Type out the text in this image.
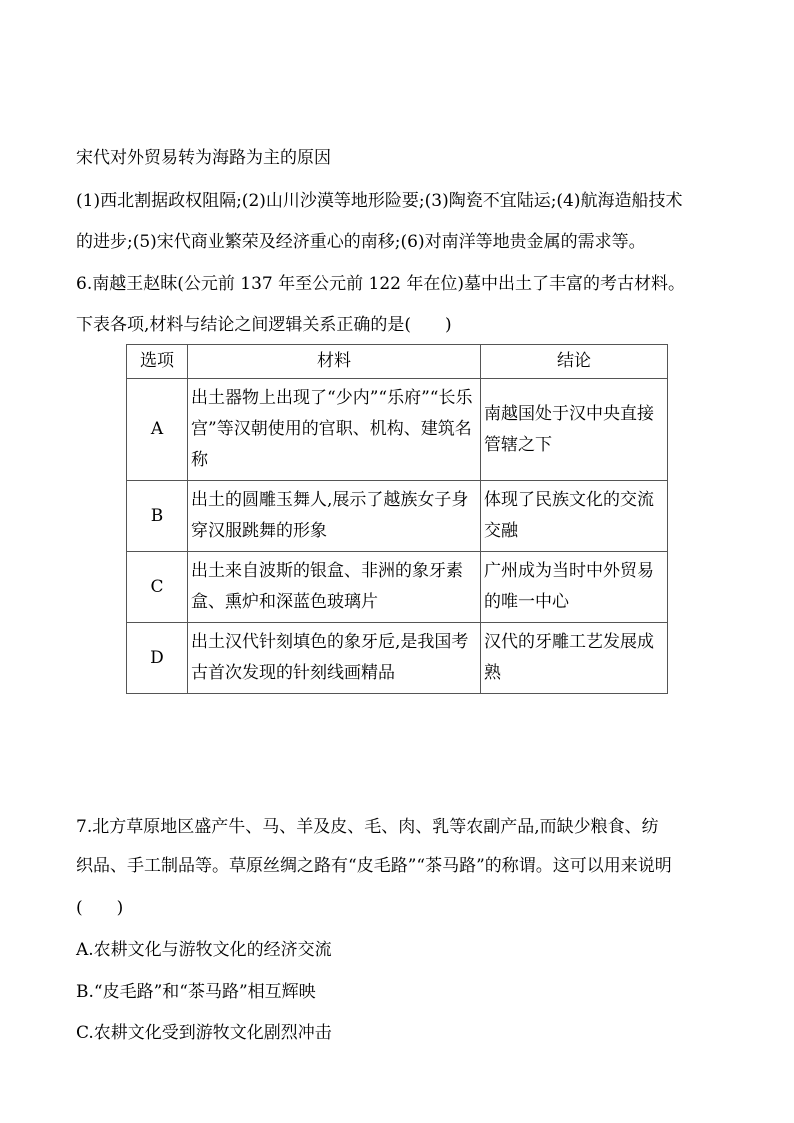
宋代对外贸易转为海路为主的原因
(1)西北割据政权阻隔;(2)山川沙漠等地形险要;(3)陶瓷不宜陆运;(4)航海造船技术
的进步;(5)宋代商业繁荣及经济重心的南移;(6)对南洋等地贵金属的需求等。
6.南越王赵眜(公元前 137 年至公元前 122 年在位)墓中出土了丰富的考古材料。
下表各项,材料与结论之间逻辑关系正确的是(　　)
选项	材料	结论
A	出土器物上出现了“少内”“乐府”“长乐宫”等汉朝使用的官职、机构、建筑名称	南越国处于汉中央直接管辖之下
B	出土的圆雕玉舞人,展示了越族女子身穿汉服跳舞的形象	体现了民族文化的交流交融
C	出土来自波斯的银盒、非洲的象牙素盒、熏炉和深蓝色玻璃片	广州成为当时中外贸易的唯一中心
D	出土汉代针刻填色的象牙卮,是我国考古首次发现的针刻线画精品	汉代的牙雕工艺发展成熟
7.北方草原地区盛产牛、马、羊及皮、毛、肉、乳等农副产品,而缺少粮食、纺
织品、手工制品等。草原丝绸之路有“皮毛路”“茶马路”的称谓。这可以用来说明
(　　)
A.农耕文化与游牧文化的经济交流
B.“皮毛路”和“茶马路”相互辉映
C.农耕文化受到游牧文化剧烈冲击
